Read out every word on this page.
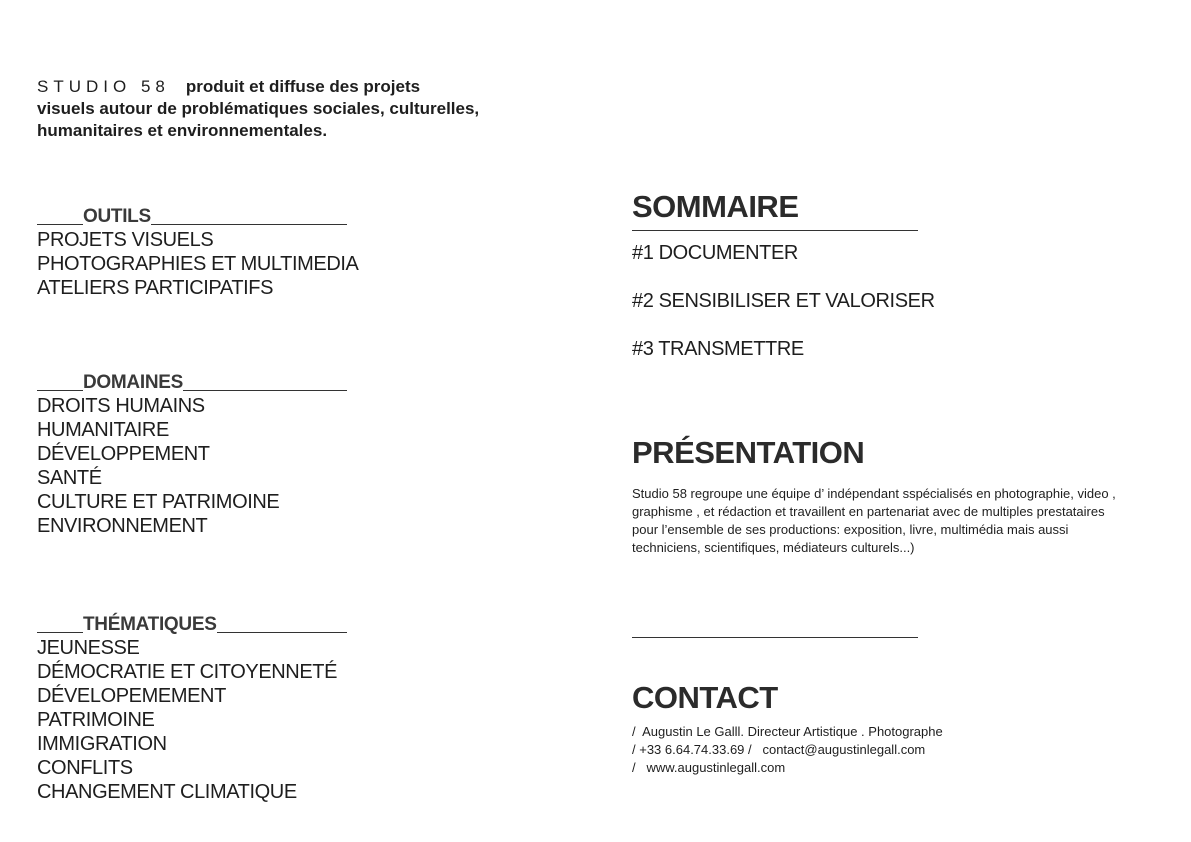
STUDIO 58 produit et diffuse des projets
visuels autour de problématiques sociales, culturelles,
humanitaires et environnementales.
OUTILS
PROJETS VISUELS
PHOTOGRAPHIES ET MULTIMEDIA
ATELIERS PARTICIPATIFS
DOMAINES
DROITS HUMAINS
HUMANITAIRE
DÉVELOPPEMENT
SANTÉ
CULTURE ET PATRIMOINE
ENVIRONNEMENT
THÉMATIQUES
JEUNESSE
DÉMOCRATIE ET CITOYENNETÉ
DÉVELOPEMEMENT
PATRIMOINE
IMMIGRATION
CONFLITS
CHANGEMENT CLIMATIQUE
SOMMAIRE
#1 DOCUMENTER
#2 SENSIBILISER ET VALORISER
#3 TRANSMETTRE
PRÉSENTATION

Studio 58 regroupe une équipe d’ indépendant sspécialisés en photographie, video , graphisme , et rédaction et travaillent en partenariat avec de multiples prestataires pour l’ensemble de ses productions: exposition, livre, multimédia mais aussi techniciens, scientifiques, médiateurs culturels...)

CONTACT
/  Augustin Le Galll. Directeur Artistique . Photographe
/ +33 6.64.74.33.69 /   contact@augustinlegall.com
/   www.augustinlegall.com
